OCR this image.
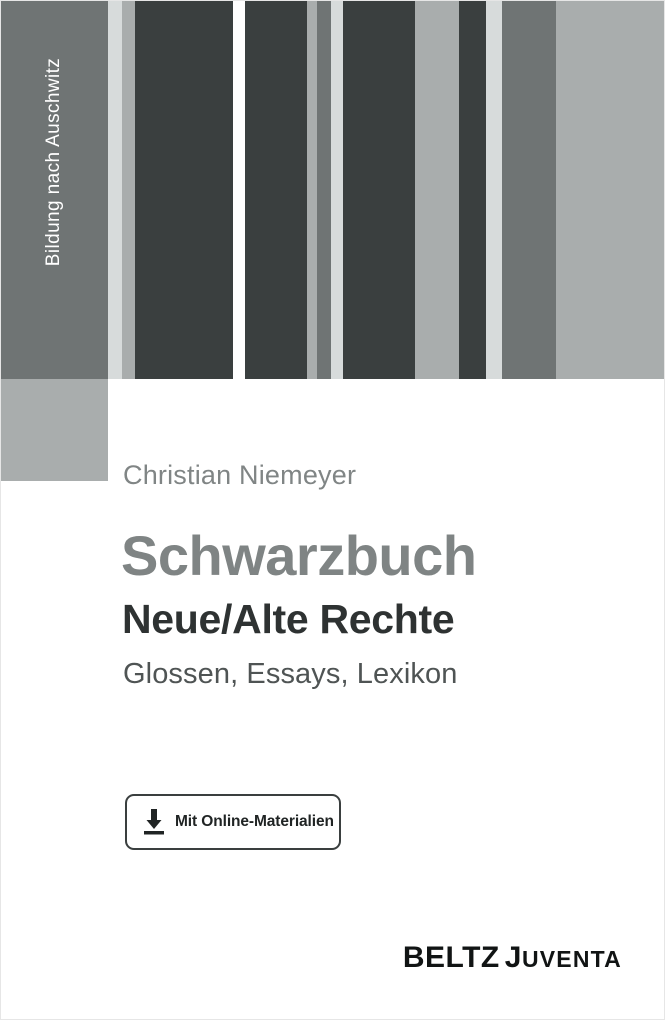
Bildung nach Auschwitz
Christian Niemeyer
Schwarzbuch
Neue/Alte Rechte
Glossen, Essays, Lexikon
Mit Online-Materialien
BELTZ J UVENTA
